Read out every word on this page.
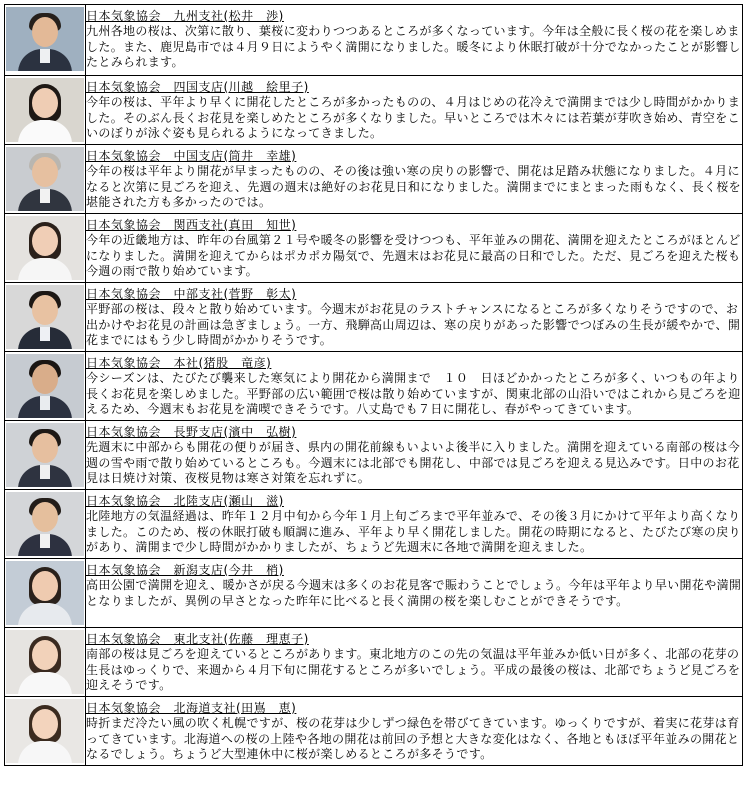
	日本気象協会　九州支社(松井　渉)

九州各地の桜は、次第に散り、葉桜に変わりつつあるところが多くなっています。今年は全般に長く桜の花を楽しめました。また、鹿児島市では４月９日にようやく満開になりました。暖冬により休眠打破が十分でなかったことが影響したとみられます。

	日本気象協会　四国支店(川越　絵里子)

今年の桜は、平年より早くに開花したところが多かったものの、４月はじめの花冷えで満開までは少し時間がかかりました。そのぶん長くお花見を楽しめたところが多くなりました。早いところでは木々には若葉が芽吹き始め、青空をこいのぼりが泳ぐ姿も見られるようになってきました。

	日本気象協会　中国支店(筒井　幸雄)

今年の桜は平年より開花が早まったものの、その後は強い寒の戻りの影響で、開花は足踏み状態になりました。４月になると次第に見ごろを迎え、先週の週末は絶好のお花見日和になりました。満開までにまとまった雨もなく、長く桜を堪能された方も多かったのでは。

	日本気象協会　関西支社(真田　知世)

今年の近畿地方は、昨年の台風第２１号や暖冬の影響を受けつつも、平年並みの開花、満開を迎えたところがほとんどになりました。満開を迎えてからはポカポカ陽気で、先週末はお花見に最高の日和でした。ただ、見ごろを迎えた桜も今週の雨で散り始めています。

	日本気象協会　中部支社(菅野　彰太)

平野部の桜は、段々と散り始めています。今週末がお花見のラストチャンスになるところが多くなりそうですので、お出かけやお花見の計画は急ぎましょう。一方、飛騨高山周辺は、寒の戻りがあった影響でつぼみの生長が緩やかで、開花までにはもう少し時間がかかりそうです。

	日本気象協会　本社(猪股　竜彦)

今シーズンは、たびたび襲来した寒気により開花から満開まで　１０　日ほどかかったところが多く、いつもの年より長くお花見を楽しめました。平野部の広い範囲で桜は散り始めていますが、関東北部の山沿いではこれから見ごろを迎えるため、今週末もお花見を満喫できそうです。八丈島でも７日に開花し、春がやってきています。

	日本気象協会　長野支店(濱中　弘樹)

先週末に中部からも開花の便りが届き、県内の開花前線もいよいよ後半に入りました。満開を迎えている南部の桜は今週の雪や雨で散り始めているところも。今週末には北部でも開花し、中部では見ごろを迎える見込みです。日中のお花見は日焼け対策、夜桜見物は寒さ対策を忘れずに。

	日本気象協会　北陸支店(瀬山　滋)

北陸地方の気温経過は、昨年１２月中旬から今年１月上旬ごろまで平年並みで、その後３月にかけて平年より高くなりました。このため、桜の休眠打破も順調に進み、平年より早く開花しました。開花の時期になると、たびたび寒の戻りがあり、満開まで少し時間がかかりましたが、ちょうど先週末に各地で満開を迎えました。

	日本気象協会　新潟支店(今井　梢)

高田公園で満開を迎え、暖かさが戻る今週末は多くのお花見客で賑わうことでしょう。今年は平年より早い開花や満開となりましたが、異例の早さとなった昨年に比べると長く満開の桜を楽しむことができそうです。

	日本気象協会　東北支社(佐藤　理恵子)

南部の桜は見ごろを迎えているところがあります。東北地方のこの先の気温は平年並みか低い日が多く、北部の花芽の生長はゆっくりで、来週から４月下旬に開花するところが多いでしょう。平成の最後の桜は、北部でちょうど見ごろを迎えそうです。

	日本気象協会　北海道支社(田嶌　恵)

時折まだ冷たい風の吹く札幌ですが、桜の花芽は少しずつ緑色を帯びてきています。ゆっくりですが、着実に花芽は育ってきています。北海道への桜の上陸や各地の開花は前回の予想と大きな変化はなく、各地ともほぼ平年並みの開花となるでしょう。ちょうど大型連休中に桜が楽しめるところが多そうです。
